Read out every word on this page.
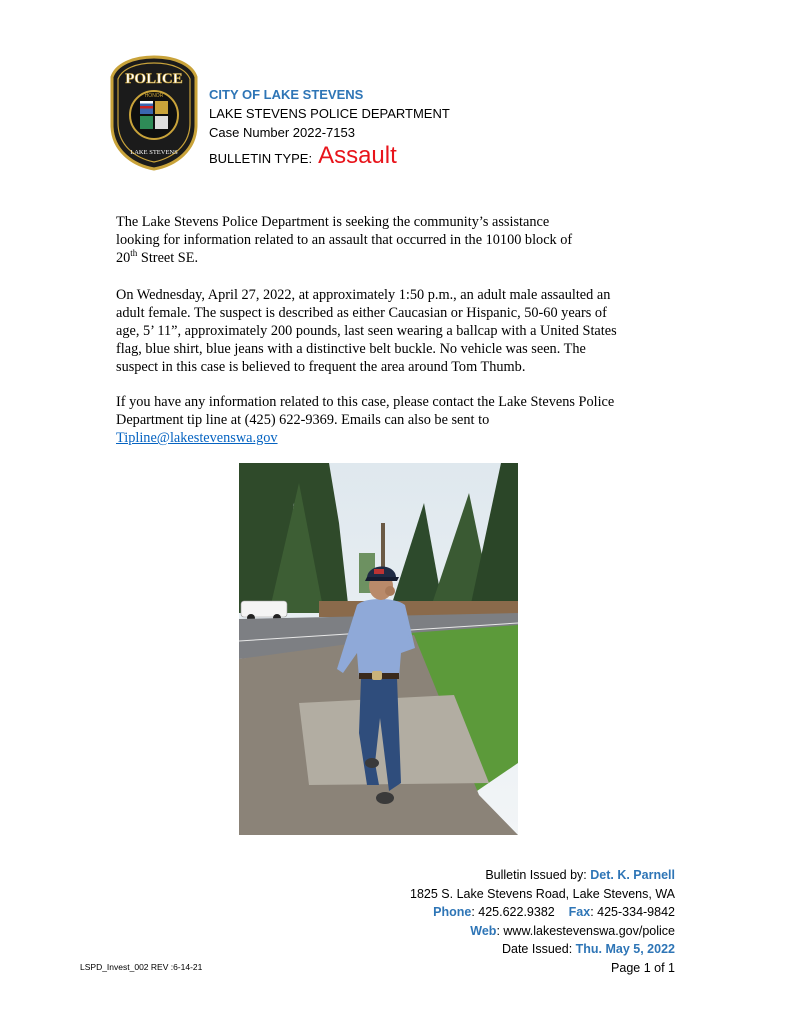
POLICE
HONOR
LAKE STEVENS
CITY OF LAKE STEVENS
LAKE STEVENS POLICE DEPARTMENT
Case Number 2022-7153
BULLETIN TYPE: Assault
The Lake Stevens Police Department is seeking the community’s assistance
looking for information related to an assault that occurred in the 10100 block of
20th Street SE.
On Wednesday, April 27, 2022, at approximately 1:50 p.m., an adult male assaulted an
adult female. The suspect is described as either Caucasian or Hispanic, 50-60 years of
age, 5’ 11”, approximately 200 pounds, last seen wearing a ballcap with a United States
flag, blue shirt, blue jeans with a distinctive belt buckle. No vehicle was seen. The
suspect in this case is believed to frequent the area around Tom Thumb.
If you have any information related to this case, please contact the Lake Stevens Police
Department tip line at (425) 622-9369. Emails can also be sent to
Tipline@lakestevenswa.gov
Bulletin Issued by: Det. K. Parnell
1825 S. Lake Stevens Road, Lake Stevens, WA
Phone: 425.622.9382 Fax: 425-334-9842
Web: www.lakestevenswa.gov/police
Date Issued: Thu. May 5, 2022
Page 1 of 1
LSPD_Invest_002 REV :6-14-21
